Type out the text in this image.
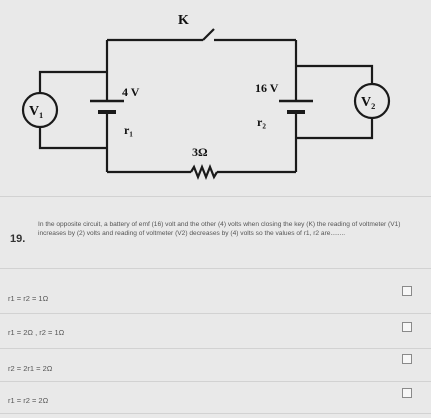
K
4 V	16 V
r₁
r₂
3Ω
V₁
V₂
19.
In the opposite circuit, a battery of emf (16) volt and the other (4) volts when closing the key (K) the reading of voltmeter (V1) increases by (2) volts and reading of voltmeter (V2) decreases by (4) volts so the values of r1, r2 are........
r1 = r2 = 1Ω
r1 = 2Ω , r2 = 1Ω
r2 = 2r1 = 2Ω
r1 = r2 = 2Ω
